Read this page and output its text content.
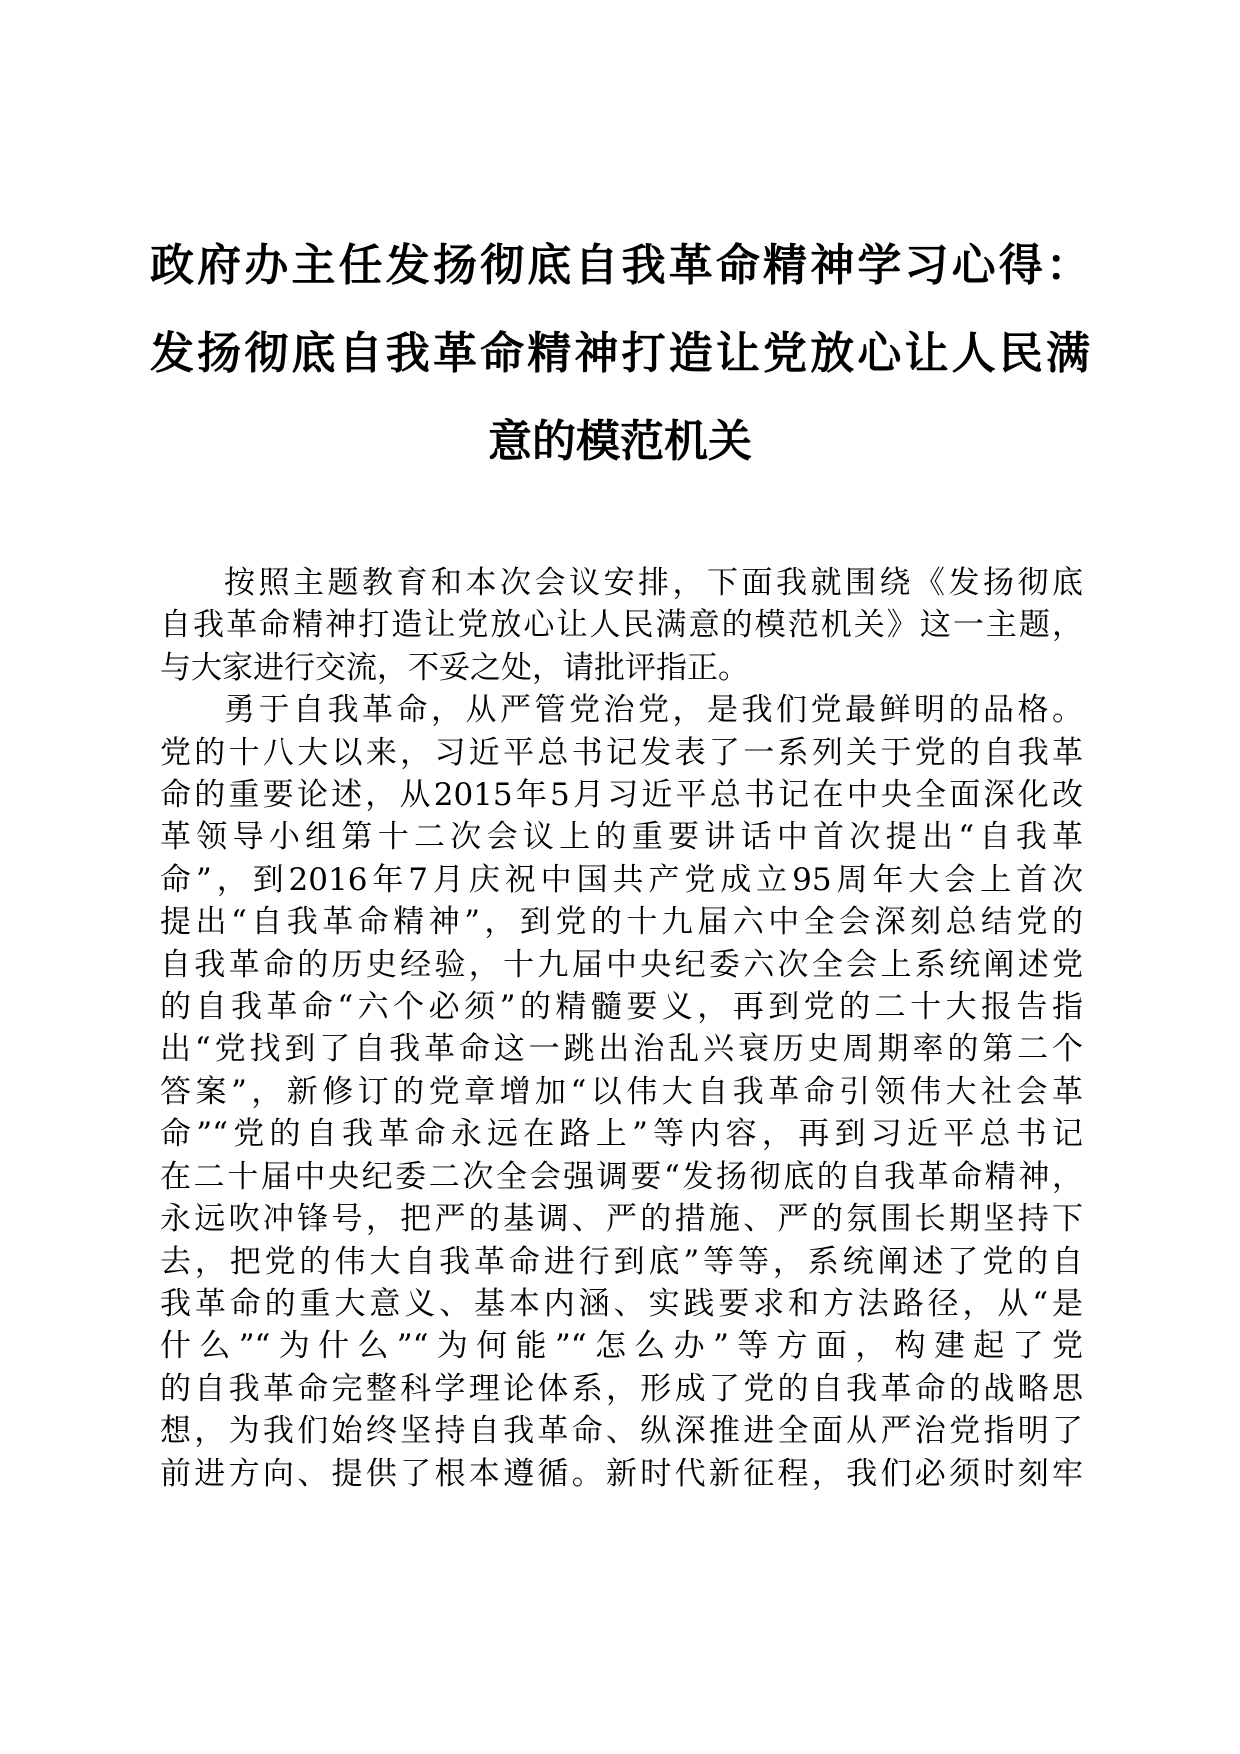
政府办主任发扬彻底自我革命精神学习心得：

发扬彻底自我革命精神打造让党放心让人民满

意的模范机关

按照主题教育和本次会议安排，下面我就围绕《发扬彻底

自我革命精神打造让党放心让人民满意的模范机关》这一主题，

与大家进行交流，不妥之处，请批评指正。

勇于自我革命，从严管党治党，是我们党最鲜明的品格。

党的十八大以来，习近平总书记发表了一系列关于党的自我革

命的重要论述，从2015年5月习近平总书记在中央全面深化改

革领导小组第十二次会议上的重要讲话中首次提出“自我革

命”，到2016年7月庆祝中国共产党成立95周年大会上首次

提出“自我革命精神”，到党的十九届六中全会深刻总结党的

自我革命的历史经验，十九届中央纪委六次全会上系统阐述党

的自我革命“六个必须”的精髓要义，再到党的二十大报告指

出“党找到了自我革命这一跳出治乱兴衰历史周期率的第二个

答案”，新修订的党章增加“以伟大自我革命引领伟大社会革

命”“党的自我革命永远在路上”等内容，再到习近平总书记

在二十届中央纪委二次全会强调要“发扬彻底的自我革命精神，

永远吹冲锋号，把严的基调、严的措施、严的氛围长期坚持下

去，把党的伟大自我革命进行到底”等等，系统阐述了党的自

我革命的重大意义、基本内涵、实践要求和方法路径，从“是

什么”“为什么”“为何能”“怎么办”等方面，构建起了党

的自我革命完整科学理论体系，形成了党的自我革命的战略思

想，为我们始终坚持自我革命、纵深推进全面从严治党指明了

前进方向、提供了根本遵循。新时代新征程，我们必须时刻牢
